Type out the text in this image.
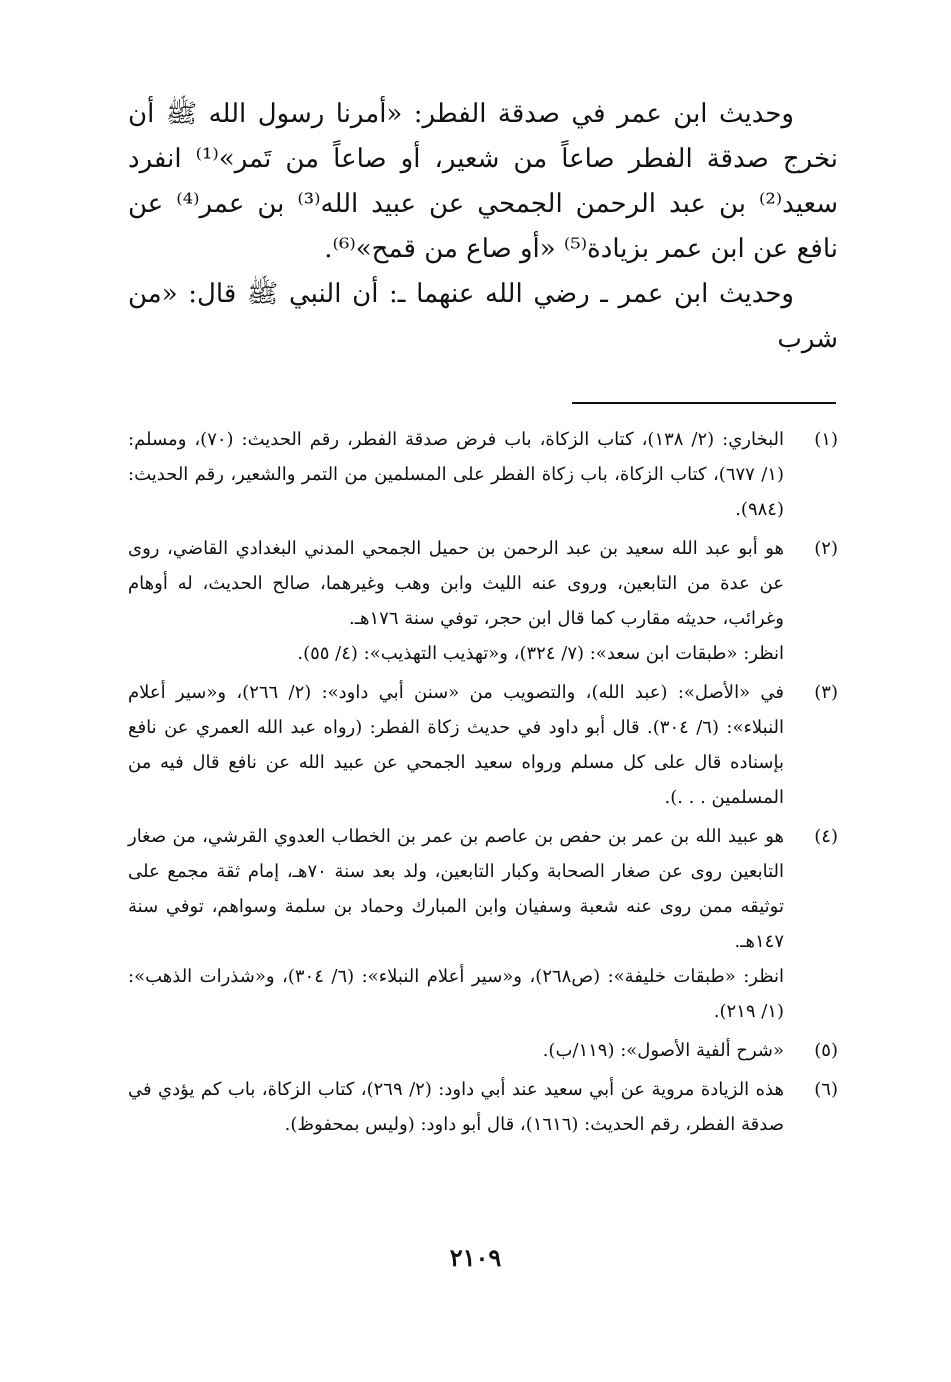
وحديث ابن عمر في صدقة الفطر: «أمرنا رسول الله ﷺ أن نخرج صدقة الفطر صاعاً من شعير، أو صاعاً من تَمر»⁽¹⁾ انفرد سعيد⁽²⁾ بن عبد الرحمن الجمحي عن عبيد الله⁽³⁾ بن عمر⁽⁴⁾ عن نافع عن ابن عمر بزيادة⁽⁵⁾ «أو صاع من قمح»⁽⁶⁾.

وحديث ابن عمر ـ رضي الله عنهما ـ: أن النبي ﷺ قال: «من شرب

(١)

البخاري: (٢/ ١٣٨)، كتاب الزكاة، باب فرض صدقة الفطر، رقم الحديث: (٧٠)، ومسلم: (١/ ٦٧٧)، كتاب الزكاة، باب زكاة الفطر على المسلمين من التمر والشعير، رقم الحديث: (٩٨٤).

(٢)

هو أبو عبد الله سعيد بن عبد الرحمن بن حميل الجمحي المدني البغدادي القاضي، روى عن عدة من التابعين، وروى عنه الليث وابن وهب وغيرهما، صالح الحديث، له أوهام وغرائب، حديثه مقارب كما قال ابن حجر، توفي سنة ١٧٦هـ.

انظر: «طبقات ابن سعد»: (٧/ ٣٢٤)، و«تهذيب التهذيب»: (٤/ ٥٥).

(٣)

في «الأصل»: (عبد الله)، والتصويب من «سنن أبي داود»: (٢/ ٢٦٦)، و«سير أعلام النبلاء»: (٦/ ٣٠٤). قال أبو داود في حديث زكاة الفطر: (رواه عبد الله العمري عن نافع بإسناده قال على كل مسلم ورواه سعيد الجمحي عن عبيد الله عن نافع قال فيه من المسلمين . . .).

(٤)

هو عبيد الله بن عمر بن حفص بن عاصم بن عمر بن الخطاب العدوي القرشي، من صغار التابعين روى عن صغار الصحابة وكبار التابعين، ولد بعد سنة ٧٠هـ، إمام ثقة مجمع على توثيقه ممن روى عنه شعبة وسفيان وابن المبارك وحماد بن سلمة وسواهم، توفي سنة ١٤٧هـ.

انظر: «طبقات خليفة»: (ص٢٦٨)، و«سير أعلام النبلاء»: (٦/ ٣٠٤)، و«شذرات الذهب»: (١/ ٢١٩).

(٥)

«شرح ألفية الأصول»: (١١٩/ب).

(٦)

هذه الزيادة مروية عن أبي سعيد عند أبي داود: (٢/ ٢٦٩)، كتاب الزكاة، باب كم يؤدي في صدقة الفطر، رقم الحديث: (١٦١٦)، قال أبو داود: (وليس بمحفوظ).

٢١٠٩
